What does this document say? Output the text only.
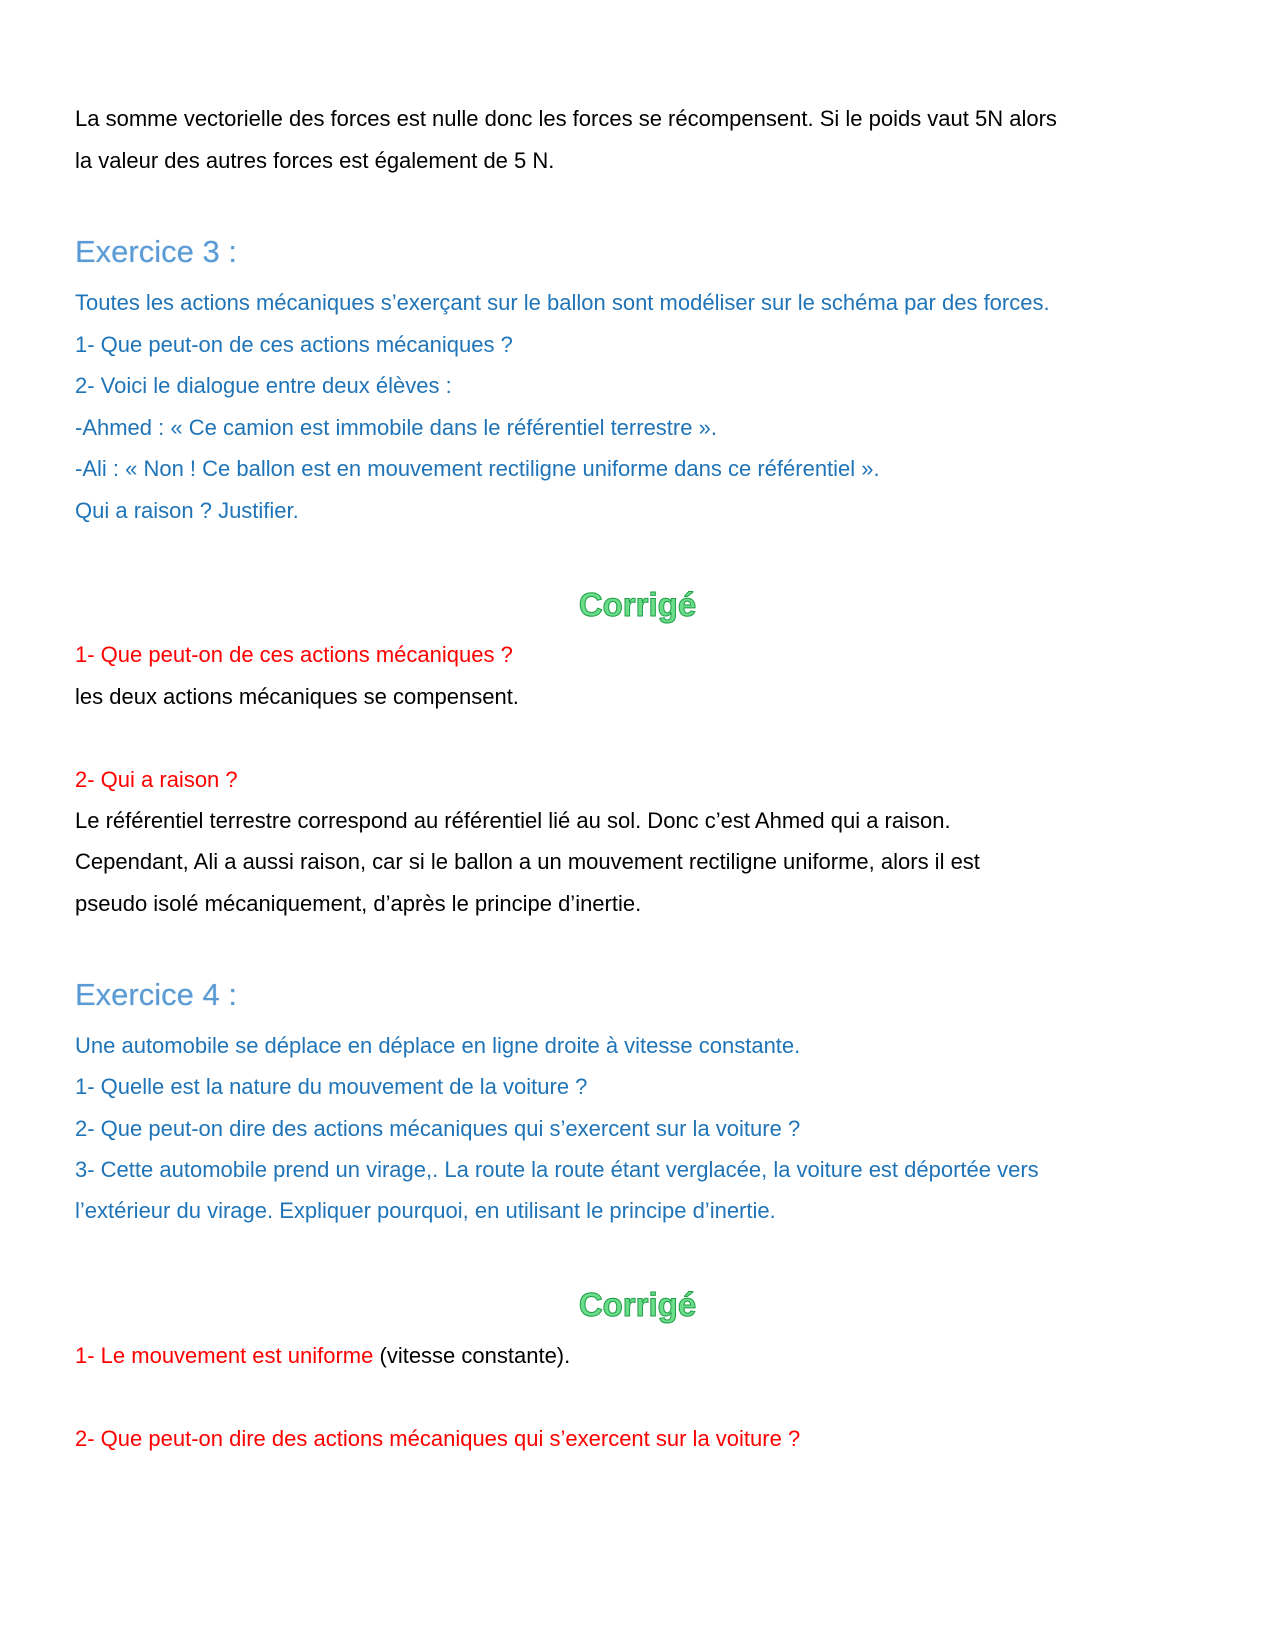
La somme vectorielle des forces est nulle donc les forces se récompensent. Si le poids vaut 5N alors

la valeur des autres forces est également de 5 N.

Exercice 3 :

Toutes les actions mécaniques s’exerçant sur le ballon sont modéliser sur le schéma par des forces.

1- Que peut-on de ces actions mécaniques ?

2- Voici le dialogue entre deux élèves :

-Ahmed : « Ce camion est immobile dans le référentiel terrestre ».

-Ali : « Non ! Ce ballon est en mouvement rectiligne uniforme dans ce référentiel ».

Qui a raison ? Justifier.

Corrigé

1- Que peut-on de ces actions mécaniques ?

les deux actions mécaniques se compensent.

2- Qui a raison ?

Le référentiel terrestre correspond au référentiel lié au sol. Donc c’est Ahmed qui a raison.

Cependant, Ali a aussi raison, car si le ballon a un mouvement rectiligne uniforme, alors il est

pseudo isolé mécaniquement, d’après le principe d’inertie.

Exercice 4 :

Une automobile se déplace en déplace en ligne droite à vitesse constante.

1- Quelle est la nature du mouvement de la voiture ?

2- Que peut-on dire des actions mécaniques qui s’exercent sur la voiture ?

3- Cette automobile prend un virage,. La route la route étant verglacée, la voiture est déportée vers

l’extérieur du virage. Expliquer pourquoi, en utilisant le principe d’inertie.

Corrigé

1- Le mouvement est uniforme (vitesse constante).

2- Que peut-on dire des actions mécaniques qui s’exercent sur la voiture ?
